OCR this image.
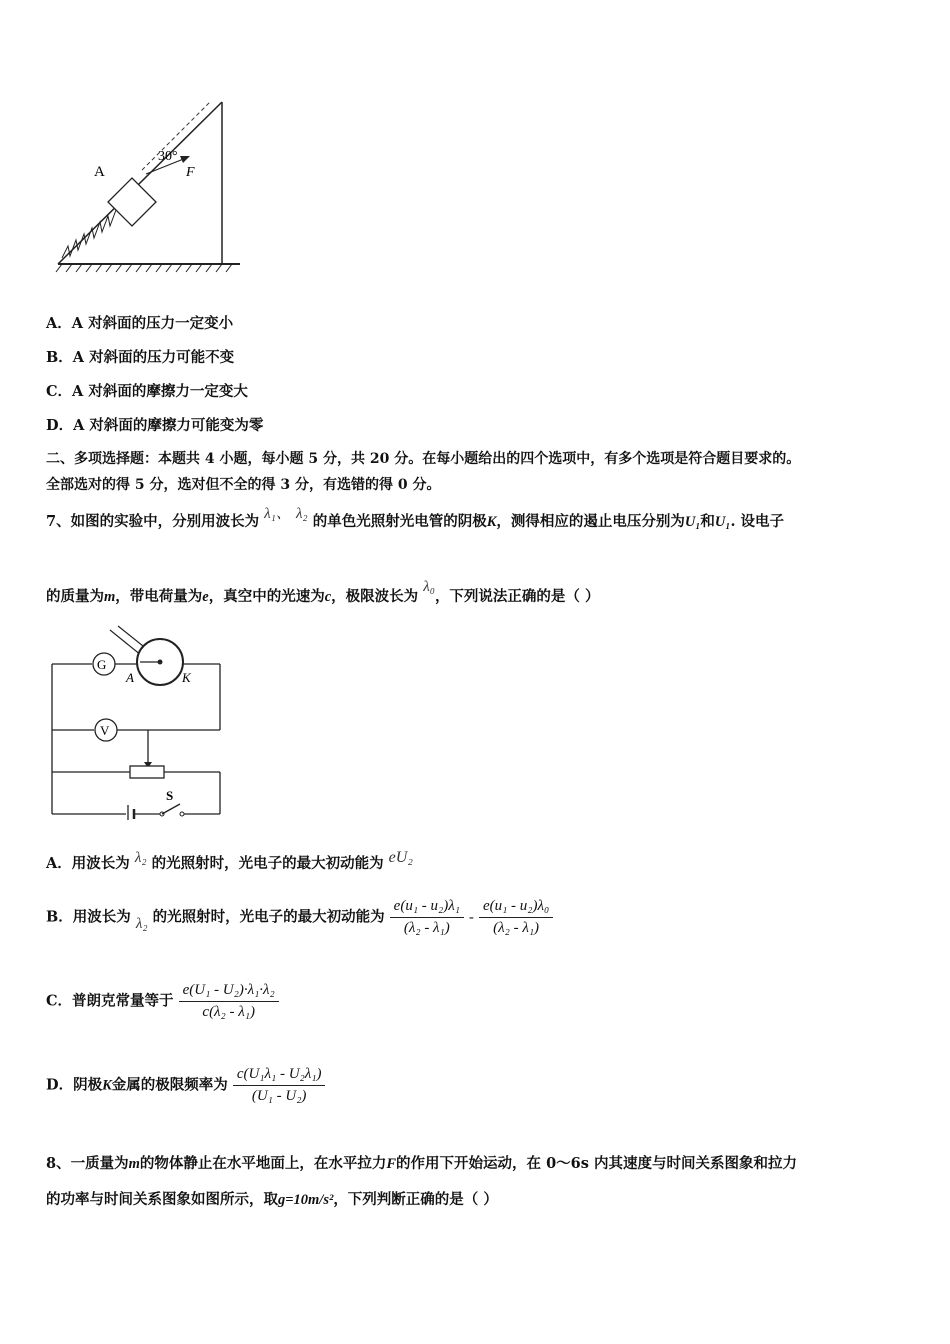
A
30°
F
A．A 对斜面的压力一定变小
B．A 对斜面的压力可能不变
C．A 对斜面的摩擦力一定变大
D．A 对斜面的摩擦力可能变为零
二、多项选择题：本题共 4 小题，每小题 5 分，共 20 分。在每小题给出的四个选项中，有多个选项是符合题目要求的。
全部选对的得 5 分，选对但不全的得 3 分，有选错的得 0 分。
7、如图的实验中，分别用波长为 λ₁、 λ₂ 的单色光照射光电管的阴极K，测得相应的遏止电压分别为U₁和U₁. 设电子
的质量为m，带电荷量为e，真空中的光速为c，极限波长为 λ₀，下列说法正确的是（ ）
G
A	K
V
S
A．用波长为 λ₂ 的光照射时，光电子的最大初动能为 eU₂
B．用波长为 λ₂ 的光照射时，光电子的最大初动能为 $\frac{\text{e(u₁ - u₂)λ₁}}{\text{(λ₂ - λ₁)}} - \frac{\text{e(u₁ - u₂)λ₀}}{\text{(λ₂ - λ₁)}}$
C．普朗克常量等于 $\frac{\text{e(U₁ - U₂)·λ₁·λ₂}}{\text{c(λ₂ - λ₁)}}$
D．阴极K金属的极限频率为 $\frac{\text{c(U₁λ₁ - U₂λ₁)}}{\text{(U₁ - U₂)}}$
8、一质量为m的物体静止在水平地面上，在水平拉力F的作用下开始运动，在 0～6s 内其速度与时间关系图象和拉力
的功率与时间关系图象如图所示，取g=10m/s²，下列判断正确的是（ ）
